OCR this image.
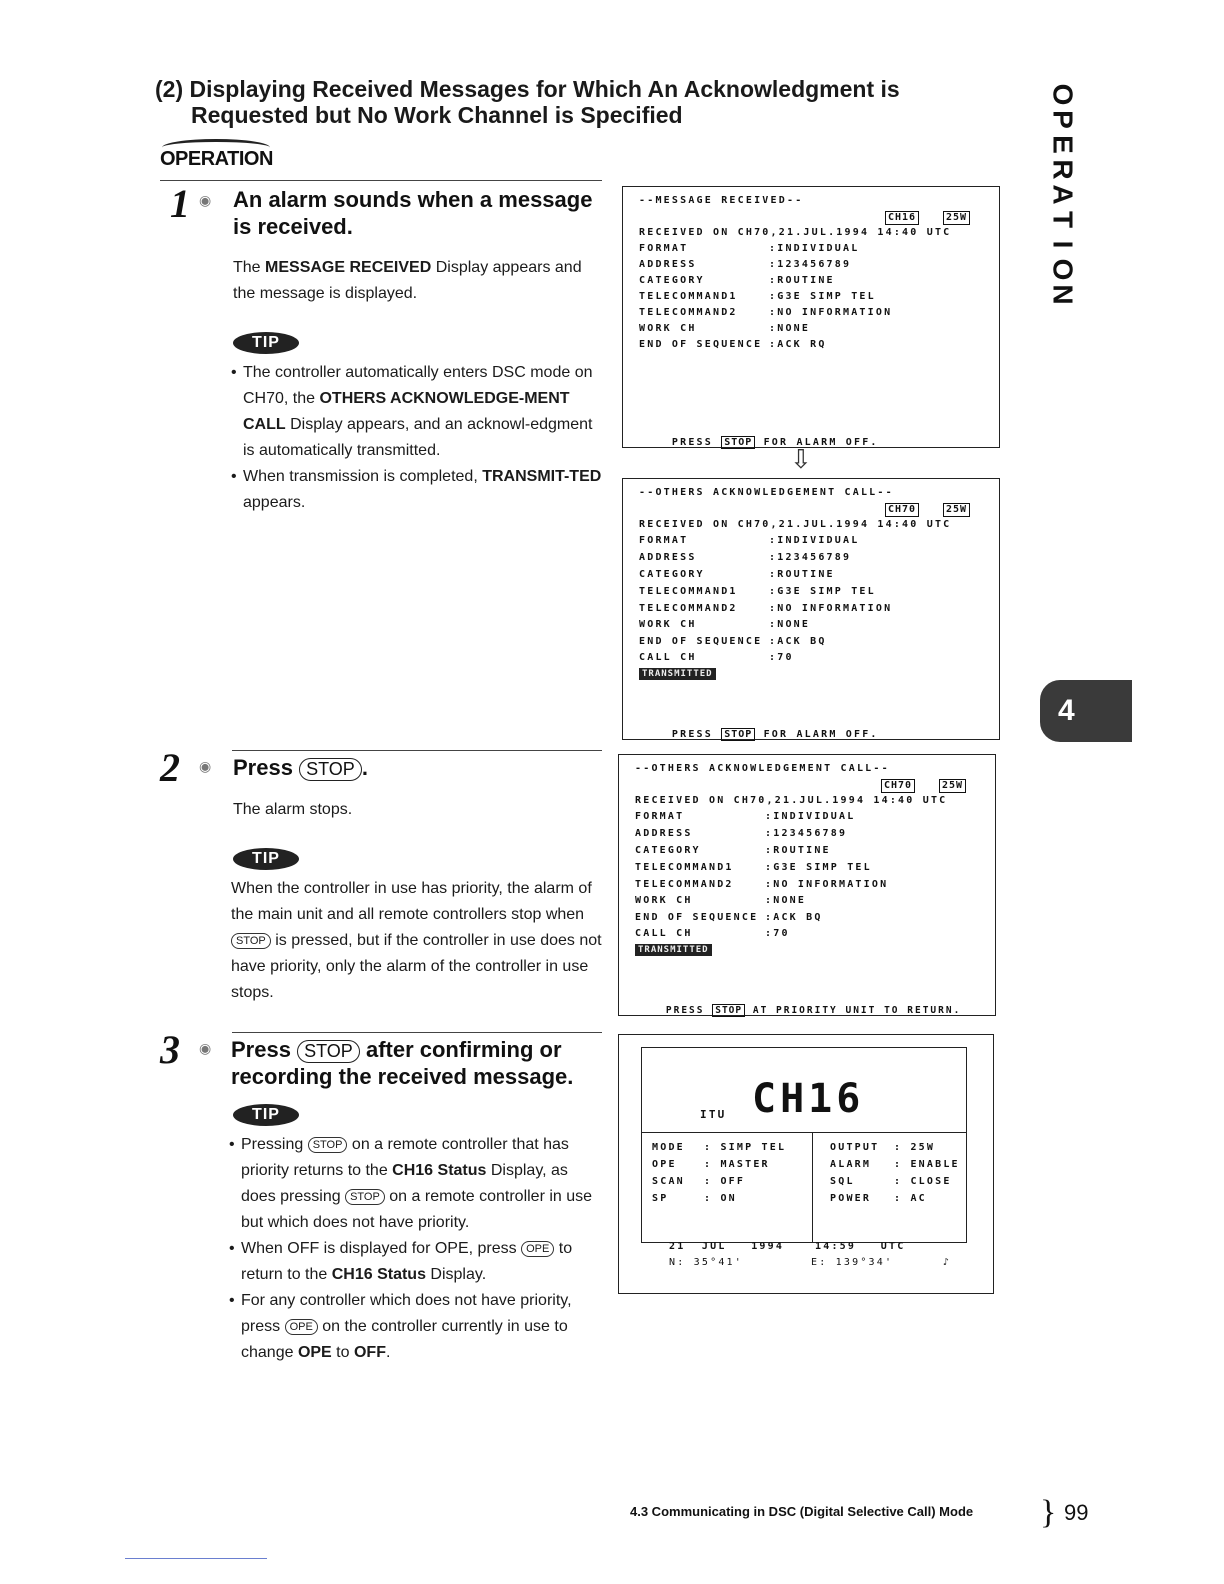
(2) Displaying Received Messages for Which An Acknowledgment is
Requested but No Work Channel is Specified
OPERATION
1 ◉ An alarm sounds when a message is received.
The MESSAGE RECEIVED Display appears and the message is displayed.
TIP
• The controller automatically enters DSC mode on CH70, the OTHERS ACKNOWLEDGE-MENT CALL Display appears, and an acknowl-edgment is automatically transmitted.
• When transmission is completed, TRANSMIT-TED appears.
2 ◉ Press STOP .
The alarm stops.
TIP
When the controller in use has priority, the alarm of the main unit and all remote controllers stop when STOP is pressed, but if the controller in use does not have priority, only the alarm of the controller in use stops.
3 ◉ Press STOP after confirming or recording the received message.
TIP
• Pressing STOP on a remote controller that has priority returns to the CH16 Status Display, as does pressing STOP on a remote controller in use but which does not have priority.
• When OFF is displayed for OPE, press OPE to return to the CH16 Status Display.
• For any controller which does not have priority, press OPE on the controller currently in use to change OPE to OFF.
--MESSAGE RECEIVED--
CH16	25W
RECEIVED ON CH70,21.JUL.1994 14:40 UTC
FORMAT	:INDIVIDUAL
ADDRESS	:123456789
CATEGORY	:ROUTINE
TELECOMMAND1	:G3E SIMP TEL
TELECOMMAND2	:NO INFORMATION
WORK CH	:NONE
END OF SEQUENCE :ACK RQ

PRESS STOP FOR ALARM OFF.

⇩
--OTHERS ACKNOWLEDGEMENT CALL--
CH70	25W
RECEIVED ON CH70,21.JUL.1994 14:40 UTC
FORMAT	:INDIVIDUAL
ADDRESS	:123456789
CATEGORY	:ROUTINE
TELECOMMAND1	:G3E SIMP TEL
TELECOMMAND2	:NO INFORMATION
WORK CH	:NONE
END OF SEQUENCE :ACK BQ
CALL CH	:70
TRANSMITTED

PRESS STOP FOR ALARM OFF.

--OTHERS ACKNOWLEDGEMENT CALL--
CH70	25W
RECEIVED ON CH70,21.JUL.1994 14:40 UTC
FORMAT	:INDIVIDUAL
ADDRESS	:123456789
CATEGORY	:ROUTINE
TELECOMMAND1	:G3E SIMP TEL
TELECOMMAND2	:NO INFORMATION
WORK CH	:NONE
END OF SEQUENCE :ACK BQ
CALL CH	:70
TRANSMITTED

PRESS STOP AT PRIORITY UNIT TO RETURN.

ITU CH16
MODE : SIMP TEL
OPE	: MASTER
SCAN : OFF
SP	: ON
OUTPUT : 25W
ALARM : ENABLE
SQL	: CLOSE
POWER : AC
21  JUL   1994	14:59   UTC
N: 35°41'	E: 139°34'	♪
O
P
E
R
A
T
I
O
N
4
4.3 Communicating in DSC (Digital Selective Call) Mode } 99
